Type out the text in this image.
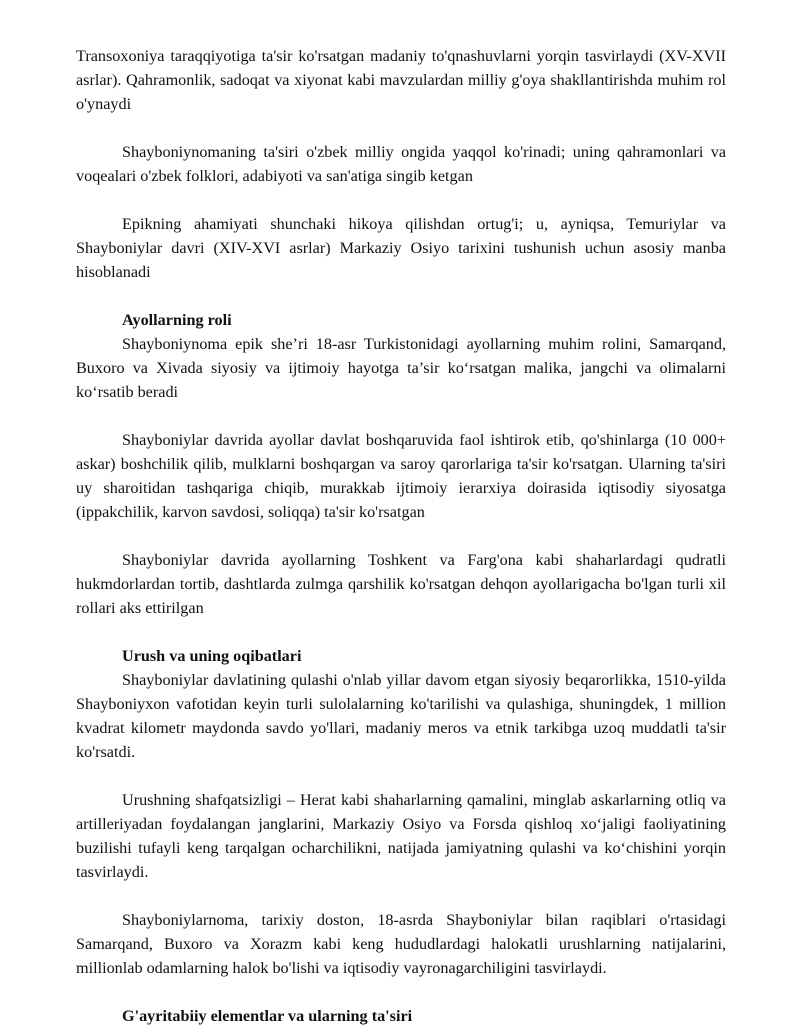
Transoxoniya taraqqiyotiga ta'sir ko'rsatgan madaniy to'qnashuvlarni yorqin tasvirlaydi (XV-XVII asrlar). Qahramonlik, sadoqat va xiyonat kabi mavzulardan milliy g'oya shakllantirishda muhim rol o'ynaydi

Shayboniynomaning ta'siri o'zbek milliy ongida yaqqol ko'rinadi; uning qahramonlari va voqealari o'zbek folklori, adabiyoti va san'atiga singib ketgan

Epikning ahamiyati shunchaki hikoya qilishdan ortug'i; u, ayniqsa, Temuriylar va Shayboniylar davri (XIV-XVI asrlar) Markaziy Osiyo tarixini tushunish uchun asosiy manba hisoblanadi

Ayollarning roli

Shayboniynoma epik she’ri 18-asr Turkistonidagi ayollarning muhim rolini, Samarqand, Buxoro va Xivada siyosiy va ijtimoiy hayotga ta’sir ko‘rsatgan malika, jangchi va olimalarni ko‘rsatib beradi

Shayboniylar davrida ayollar davlat boshqaruvida faol ishtirok etib, qo'shinlarga (10 000+ askar) boshchilik qilib, mulklarni boshqargan va saroy qarorlariga ta'sir ko'rsatgan. Ularning ta'siri uy sharoitidan tashqariga chiqib, murakkab ijtimoiy ierarxiya doirasida iqtisodiy siyosatga (ippakchilik, karvon savdosi, soliqqa) ta'sir ko'rsatgan

Shayboniylar davrida ayollarning Toshkent va Farg'ona kabi shaharlardagi qudratli hukmdorlardan tortib, dashtlarda zulmga qarshilik ko'rsatgan dehqon ayollarigacha bo'lgan turli xil rollari aks ettirilgan

Urush va uning oqibatlari

Shayboniylar davlatining qulashi o'nlab yillar davom etgan siyosiy beqarorlikka, 1510-yilda Shayboniyxon vafotidan keyin turli sulolalarning ko'tarilishi va qulashiga, shuningdek, 1 million kvadrat kilometr maydonda savdo yo'llari, madaniy meros va etnik tarkibga uzoq muddatli ta'sir ko'rsatdi.

Urushning shafqatsizligi – Herat kabi shaharlarning qamalini, minglab askarlarning otliq va artilleriyadan foydalangan janglarini, Markaziy Osiyo va Forsda qishloq xo‘jaligi faoliyatining buzilishi tufayli keng tarqalgan ocharchilikni, natijada jamiyatning qulashi va ko‘chishini yorqin tasvirlaydi.

Shayboniylarnoma, tarixiy doston, 18-asrda Shayboniylar bilan raqiblari o'rtasidagi Samarqand, Buxoro va Xorazm kabi keng hududlardagi halokatli urushlarning natijalarini, millionlab odamlarning halok bo'lishi va iqtisodiy vayronagarchiligini tasvirlaydi.

G'ayritabiiy elementlar va ularning ta'siri
